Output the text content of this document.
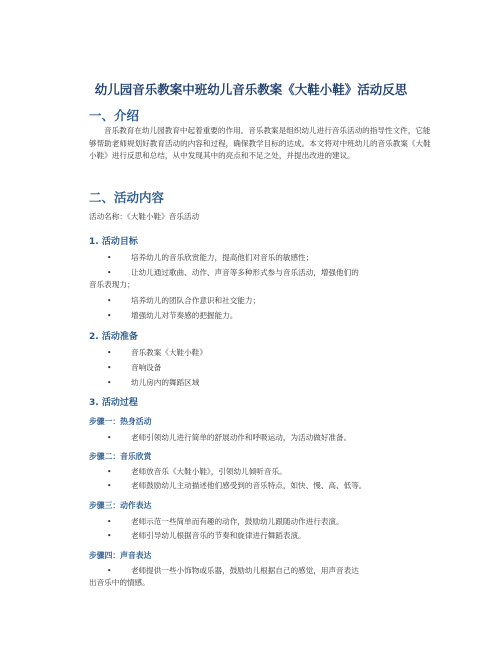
幼儿园音乐教案中班幼儿音乐教案《大鞋小鞋》活动反思
一、介绍
音乐教育在幼儿园教育中起着重要的作用。音乐教案是组织幼儿进行音乐活动的指导性文件，它能够帮助老师规划好教育活动的内容和过程，确保教学目标的达成。本文将对中班幼儿的音乐教案《大鞋小鞋》进行反思和总结，从中发现其中的亮点和不足之处，并提出改进的建议。
二、活动内容
活动名称：《大鞋小鞋》音乐活动
1. 活动目标
•	培养幼儿的音乐欣赏能力，提高他们对音乐的敏感性；
•	让幼儿通过歌曲、动作、声音等多种形式参与音乐活动，增强他们的
音乐表现力；
•	培养幼儿的团队合作意识和社交能力；
•	增强幼儿对节奏感的把握能力。
2. 活动准备
•	音乐教案《大鞋小鞋》
•	音响设备
•	幼儿房内的舞蹈区域
3. 活动过程
步骤一：热身活动
•	老师引领幼儿进行简单的舒展动作和呼吸运动，为活动做好准备。
步骤二：音乐欣赏
•	老师放音乐《大鞋小鞋》，引领幼儿倾听音乐。
•	老师鼓励幼儿主动描述他们感受到的音乐特点，如快、慢、高、低等。
步骤三：动作表达
•	老师示范一些简单而有趣的动作，鼓励幼儿跟随动作进行表演。
•	老师引导幼儿根据音乐的节奏和旋律进行舞蹈表演。
步骤四：声音表达
•	老师提供一些小饰物或乐器，鼓励幼儿根据自己的感觉，用声音表达
出音乐中的情感。
